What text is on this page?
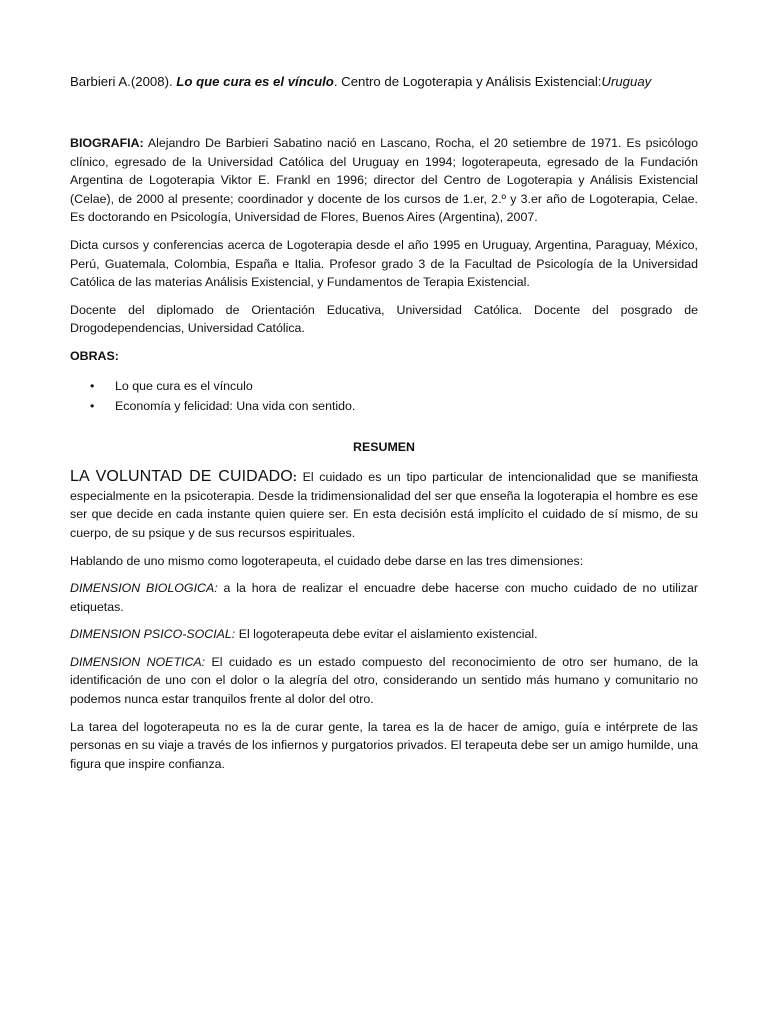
Barbieri A.(2008). Lo que cura es el vínculo. Centro de Logoterapia y Análisis Existencial:Uruguay

BIOGRAFIA: Alejandro De Barbieri Sabatino nació en Lascano, Rocha, el 20 setiembre de 1971. Es psicólogo clínico, egresado de la Universidad Católica del Uruguay en 1994; logoterapeuta, egresado de la Fundación Argentina de Logoterapia Viktor E. Frankl en 1996; director del Centro de Logoterapia y Análisis Existencial (Celae), de 2000 al presente; coordinador y docente de los cursos de 1.er, 2.º y 3.er año de Logoterapia, Celae. Es doctorando en Psicología, Universidad de Flores, Buenos Aires (Argentina), 2007.

Dicta cursos y conferencias acerca de Logoterapia desde el año 1995 en Uruguay, Argentina, Paraguay, México, Perú, Guatemala, Colombia, España e Italia. Profesor grado 3 de la Facultad de Psicología de la Universidad Católica de las materias Análisis Existencial, y Fundamentos de Terapia Existencial.

Docente del diplomado de Orientación Educativa, Universidad Católica. Docente del posgrado de Drogodependencias, Universidad Católica.

OBRAS:

• Lo que cura es el vínculo
• Economía y felicidad: Una vida con sentido.

RESUMEN

LA VOLUNTAD DE CUIDADO: El cuidado es un tipo particular de intencionalidad que se manifiesta especialmente en la psicoterapia. Desde la tridimensionalidad del ser que enseña la logoterapia el hombre es ese ser que decide en cada instante quien quiere ser. En esta decisión está implícito el cuidado de sí mismo, de su cuerpo, de su psique y de sus recursos espirituales.

Hablando de uno mismo como logoterapeuta, el cuidado debe darse en las tres dimensiones:

DIMENSION BIOLOGICA: a la hora de realizar el encuadre debe hacerse con mucho cuidado de no utilizar etiquetas.

DIMENSION PSICO-SOCIAL: El logoterapeuta debe evitar el aislamiento existencial.

DIMENSION NOETICA: El cuidado es un estado compuesto del reconocimiento de otro ser humano, de la identificación de uno con el dolor o la alegría del otro, considerando un sentido más humano y comunitario no podemos nunca estar tranquilos frente al dolor del otro.

La tarea del logoterapeuta no es la de curar gente, la tarea es la de hacer de amigo, guía e intérprete de las personas en su viaje a través de los infiernos y purgatorios privados. El terapeuta debe ser un amigo humilde, una figura que inspire confianza.
